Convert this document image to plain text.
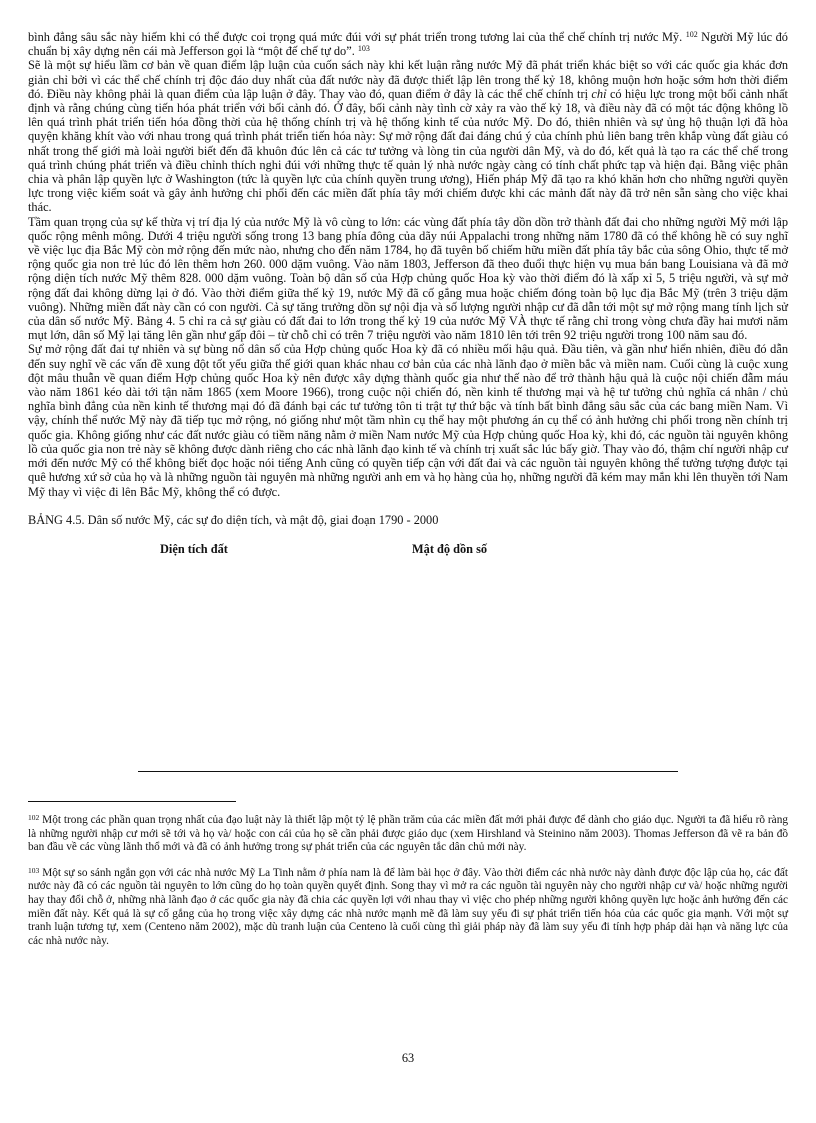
bình đẳng sâu sắc này hiếm khi có thể được coi trọng quá mức đúi với sự phát triển trong tương lai của thể chế chính trị nước Mỹ. $^{102}$ Người Mỹ lúc đó chuẩn bị xây dựng nên cái mà Jefferson gọi là “một đế chế tự do”. $^{103}$

Sẽ là một sự hiểu lầm cơ bản về quan điểm lập luận của cuốn sách này khi kết luận rằng nước Mỹ đã phát triển khác biệt so với các quốc gia khác đơn giản chỉ bởi vì các thể chế chính trị độc đáo duy nhất của đất nước này đã được thiết lập lên trong thế kỷ 18, không muộn hơn hoặc sớm hơn thời điểm đó. Điều này không phải là quan điểm của lập luận ở đây. Thay vào đó, quan điểm ở đây là các thể chế chính trị chỉ có hiệu lực trong một bối cảnh nhất định và rằng chúng cùng tiến hóa phát triển với bối cảnh đó. Ở đây, bối cảnh này tình cờ xảy ra vào thế kỷ 18, và điều này đã có một tác động không lồ lên quá trình phát triển tiến hóa đồng thời của hệ thống chính trị và hệ thống kinh tế của nước Mỹ. Do đó, thiên nhiên và sự ủng hộ thuận lợi đã hòa quyện khăng khít vào với nhau trong quá trình phát triển tiến hóa này: Sự mở rộng đất đai đáng chú ý của chính phủ liên bang trên khắp vùng đất giàu có nhất trong thế giới mà loài người biết đến đã khuôn đúc lên cả các tư tưởng và lòng tin của người dân Mỹ, và do đó, kết quả là tạo ra các thể chế trong quá trình chúng phát triển và điều chỉnh thích nghi đúi với những thực tế quản lý nhà nước ngày càng có tính chất phức tạp và hiện đại. Bằng việc phân chia và phân lập quyền lực ở Washington (tức là quyền lực của chính quyền trung ương), Hiến pháp Mỹ đã tạo ra khó khăn hơn cho những người quyền lực trong việc kiểm soát và gây ảnh hưởng chi phối đến các miền đất phía tây mới chiếm được khi các mảnh đất này đã trở nên sẵn sàng cho việc khai thác.

Tầm quan trọng của sự kế thừa vị trí địa lý của nước Mỹ là vô cùng to lớn: các vùng đất phía tây dồn dồn trở thành đất đai cho những người Mỹ mới lập quốc rộng mênh mông. Dưới 4 triệu người sống trong 13 bang phía đông của dãy núi Appalachi trong những năm 1780 đã có thể không hề có suy nghĩ về việc lục địa Bắc Mỹ còn mở rộng đến mức nào, nhưng cho đến năm 1784, họ đã tuyên bố chiếm hữu miền đất phía tây bắc của sông Ohio, thực tế mở rộng quốc gia non trẻ lúc đó lên thêm hơn 260. 000 dặm vuông. Vào năm 1803, Jefferson đã theo đuổi thực hiện vụ mua bán bang Louisiana và đã mở rộng diện tích nước Mỹ thêm 828. 000 dặm vuông. Toàn bộ dân số của Hợp chủng quốc Hoa kỳ vào thời điểm đó là xấp xỉ 5, 5 triệu người, và sự mở rộng đất đai không dừng lại ở đó. Vào thời điểm giữa thế kỷ 19, nước Mỹ đã cố gắng mua hoặc chiếm đóng toàn bộ lục địa Bắc Mỹ (trên 3 triệu dặm vuông). Những miền đất này cần có con người. Cả sự tăng trưởng dồn sự nội địa và số lượng người nhập cư đã dẫn tới một sự mở rộng mang tính lịch sử của dân số nước Mỹ. Bảng 4. 5 chỉ ra cả sự giàu có đất đai to lớn trong thế kỷ 19 của nước Mỹ VÀ thực tế rằng chỉ trong vòng chưa đầy hai mươi năm mụt lớn, dân số Mỹ lại tăng lên gần như gấp đôi – từ chỗ chỉ có trên 7 triệu người vào năm 1810 lên tới trên 92 triệu người trong 100 năm sau đó.

Sự mở rộng đất đai tự nhiên và sự bùng nổ dân số của Hợp chủng quốc Hoa kỳ đã có nhiều mối hậu quả. Đầu tiên, và gần như hiển nhiên, điều đó dẫn đến suy nghĩ về các vấn đề xung đột tốt yếu giữa thế giới quan khác nhau cơ bản của các nhà lãnh đạo ở miền bắc và miền nam. Cuối cùng là cuộc xung đột mâu thuẫn về quan điểm Hợp chủng quốc Hoa kỳ nên được xây dựng thành quốc gia như thế nào để trở thành hậu quả là cuộc nội chiến đẫm máu vào năm 1861 kéo dài tới tận năm 1865 (xem Moore 1966), trong cuộc nội chiến đó, nền kinh tế thương mại và hệ tư tưởng chủ nghĩa cá nhân / chủ nghĩa bình đẳng của nền kinh tế thương mại đó đã đánh bại các tư tưởng tôn ti trật tự thứ bậc và tính bất bình đẳng sâu sắc của các bang miền Nam. Vì vậy, chính thể nước Mỹ này đã tiếp tục mở rộng, nó giống như một tầm nhìn cụ thể hay một phương án cụ thể có ảnh hưởng chi phối trong nền chính trị quốc gia. Không giống như các đất nước giàu có tiềm năng nằm ở miền Nam nước Mỹ của Hợp chủng quốc Hoa kỳ, khi đó, các nguồn tài nguyên không lồ của quốc gia non trẻ này sẽ không được dành riêng cho các nhà lãnh đạo kinh tế và chính trị xuất sắc lúc bấy giờ. Thay vào đó, thậm chí người nhập cư mới đến nước Mỹ có thể không biết đọc hoặc nói tiếng Anh cũng có quyền tiếp cận với đất đai và các nguồn tài nguyên không thể tưởng tượng được tại quê hương xứ sở của họ và là những nguồn tài nguyên mà những người anh em và họ hàng của họ, những người đã kém may mắn khi lên thuyền tới Nam Mỹ thay vì việc đi lên Bắc Mỹ, không thể có được.

BẢNG 4.5. Dân số nước Mỹ, các sự đo diện tích, và mật độ, giai đoạn 1790 - 2000
Diện tích đất	Mật độ dồn số

$^{102}$ Một trong các phần quan trọng nhất của đạo luật này là thiết lập một tỷ lệ phần trăm của các miền đất mới phải được để dành cho giáo dục. Người ta đã hiểu rõ ràng là những người nhập cư mới sẽ tới và họ và/ hoặc con cái của họ sẽ cần phải được giáo dục (xem Hirshland và Steinino năm 2003). Thomas Jefferson đã vẽ ra bản đồ ban đầu về các vùng lãnh thổ mới và đã có ảnh hưởng trong sự phát triển của các nguyên tắc dân chủ mới này.

$^{103}$ Một sự so sánh ngắn gọn với các nhà nước Mỹ La Tinh nằm ở phía nam là để làm bài học ở đây. Vào thời điểm các nhà nước này dành được độc lập của họ, các đất nước này đã có các nguồn tài nguyên to lớn cũng do họ toàn quyền quyết định. Song thay vì mở ra các nguồn tài nguyên này cho người nhập cư và/ hoặc những người hay thay đổi chỗ ở, những nhà lãnh đạo ở các quốc gia này đã chia các quyền lợi với nhau thay vì việc cho phép những người không quyền lực hoặc ảnh hưởng đến các miền đất này. Kết quả là sự cố gắng của họ trong việc xây dựng các nhà nước mạnh mẽ đã làm suy yếu đi sự phát triển tiến hóa của các quốc gia mạnh. Với một sự tranh luận tương tự, xem (Centeno năm 2002), mặc dù tranh luận của Centeno là cuối cùng thì giải pháp này đã làm suy yếu đi tính hợp pháp dài hạn và năng lực của các nhà nước này.

63
